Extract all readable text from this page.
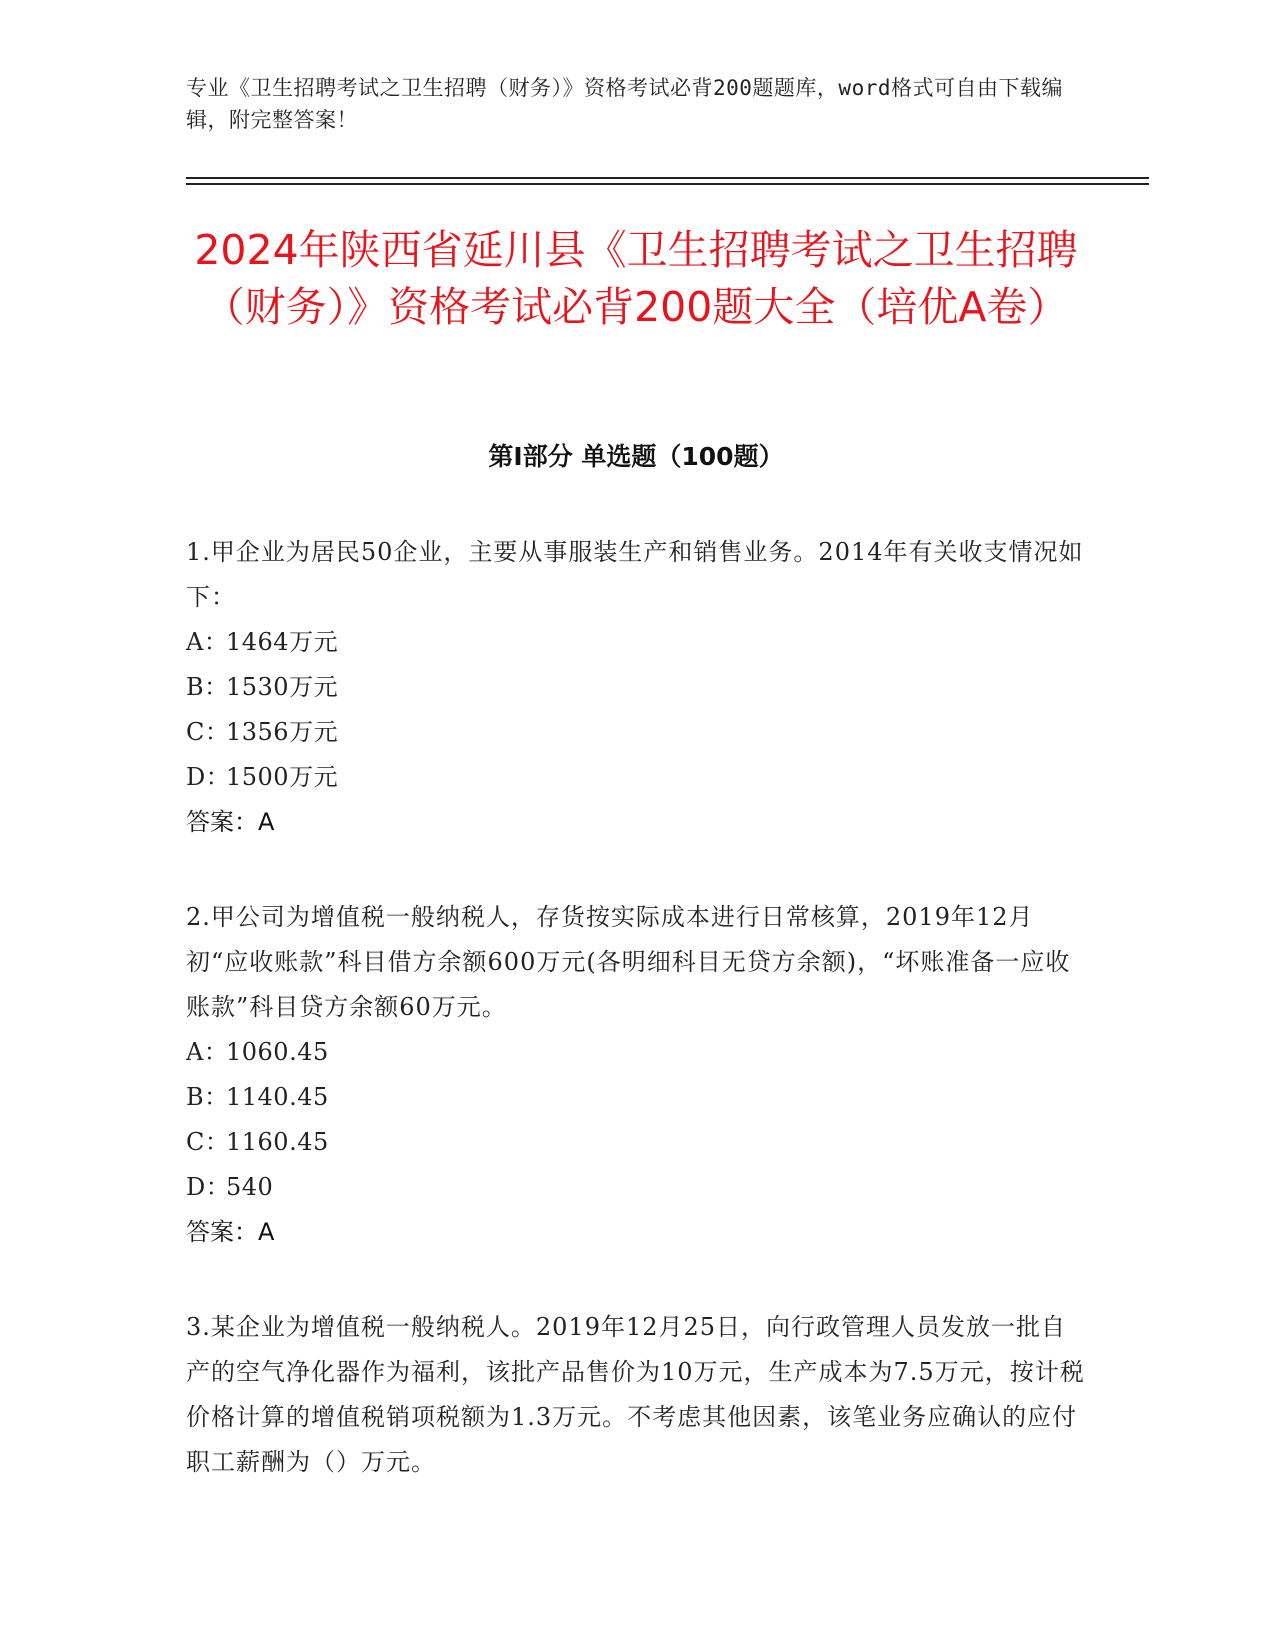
专业《卫生招聘考试之卫生招聘（财务）》资格考试必背200题题库，word格式可自由下载编辑，附完整答案！
2024年陕西省延川县《卫生招聘考试之卫生招聘（财务）》资格考试必背200题大全（培优A卷）
第I部分 单选题（100题）

1.甲企业为居民50企业，主要从事服装生产和销售业务。2014年有关收支情况如下：

A：1464万元
B：1530万元
C：1356万元
D：1500万元
答案：A

2.甲公司为增值税一般纳税人，存货按实际成本进行日常核算，2019年12月初“应收账款”科目借方余额600万元(各明细科目无贷方余额)，“坏账准备一应收账款”科目贷方余额60万元。

A：1060.45
B：1140.45
C：1160.45
D：540
答案：A

3.某企业为增值税一般纳税人。2019年12月25日，向行政管理人员发放一批自产的空气净化器作为福利，该批产品售价为10万元，生产成本为7.5万元，按计税价格计算的增值税销项税额为1.3万元。不考虑其他因素，该笔业务应确认的应付职工薪酬为（）万元。
